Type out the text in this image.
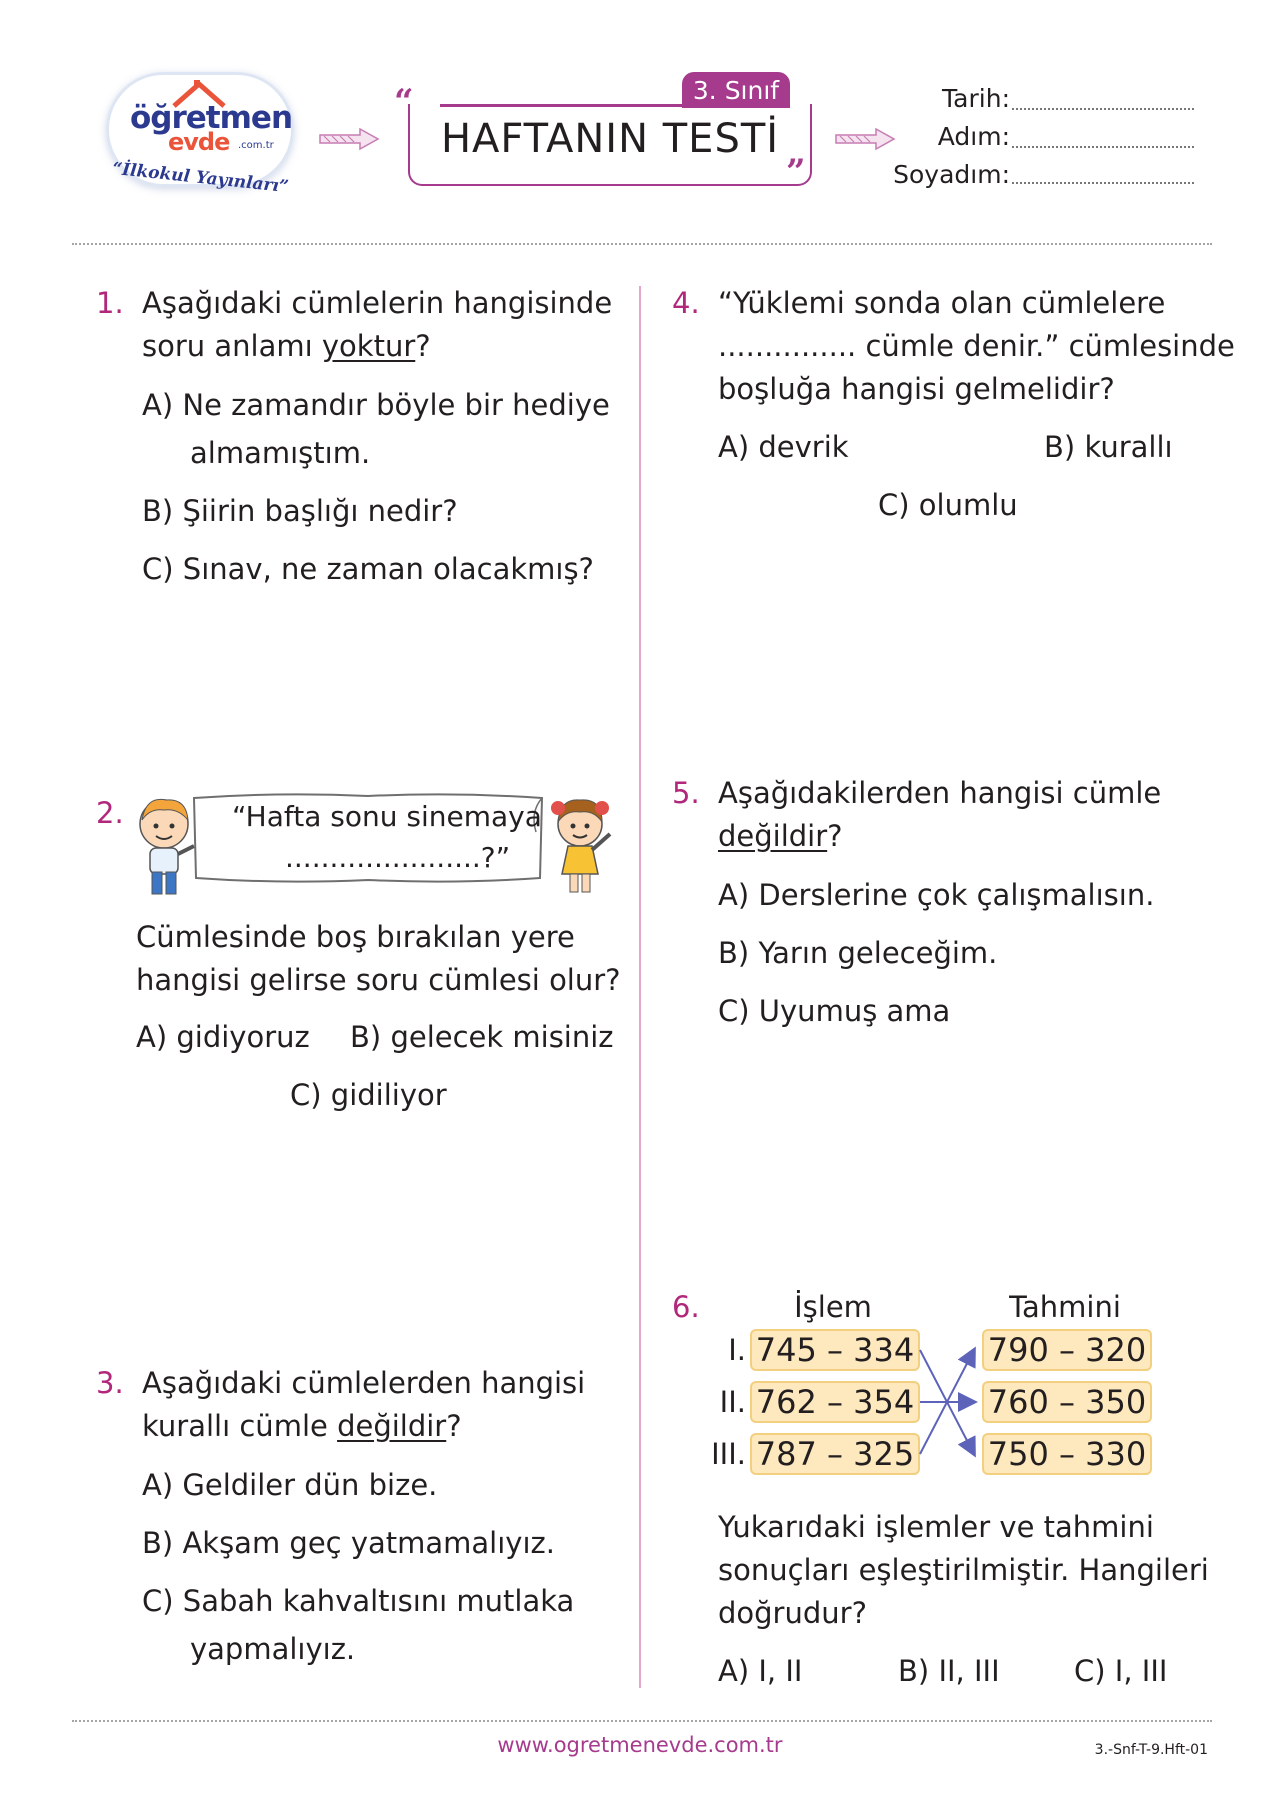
öğretmen
evde .com.tr
“İlkokul Yayınları”
“
”
3. Sınıf
HAFTANIN TESTİ
Tarih:
Adım:
Soyadım:
1. Aşağıdaki cümlelerin hangisinde
soru anlamı yoktur?
A) Ne zamandır böyle bir hediye
almamıştım.
B) Şiirin başlığı nedir?
C) Sınav, ne zaman olacakmış?
2.	“Hafta sonu sinemaya
......................?”
Cümlesinde boş bırakılan yere
hangisi gelirse soru cümlesi olur?
A) gidiyoruz B) gelecek misiniz
C) gidiliyor
3. Aşağıdaki cümlelerden hangisi
kurallı cümle değildir?
A) Geldiler dün bize.
B) Akşam geç yatmamalıyız.
C) Sabah kahvaltısını mutlaka
yapmalıyız.
4. “Yüklemi sonda olan cümlelere
............... cümle denir.” cümlesinde
boşluğa hangisi gelmelidir?
A) devrik	B) kurallı
C) olumlu
5. Aşağıdakilerden hangisi cümle
değildir?
A) Derslerine çok çalışmalısın.
B) Yarın geleceğim.
C) Uyumuş ama
6.	İşlem	Tahmini
I. 745 – 334 790 – 320
II. 762 – 354 760 – 350
III. 787 – 325 750 – 330
Yukarıdaki işlemler ve tahmini
sonuçları eşleştirilmiştir. Hangileri
doğrudur?
A) I, II	B) II, III	C) I, III
www.ogretmenevde.com.tr	3.-Snf-T-9.Hft-01
